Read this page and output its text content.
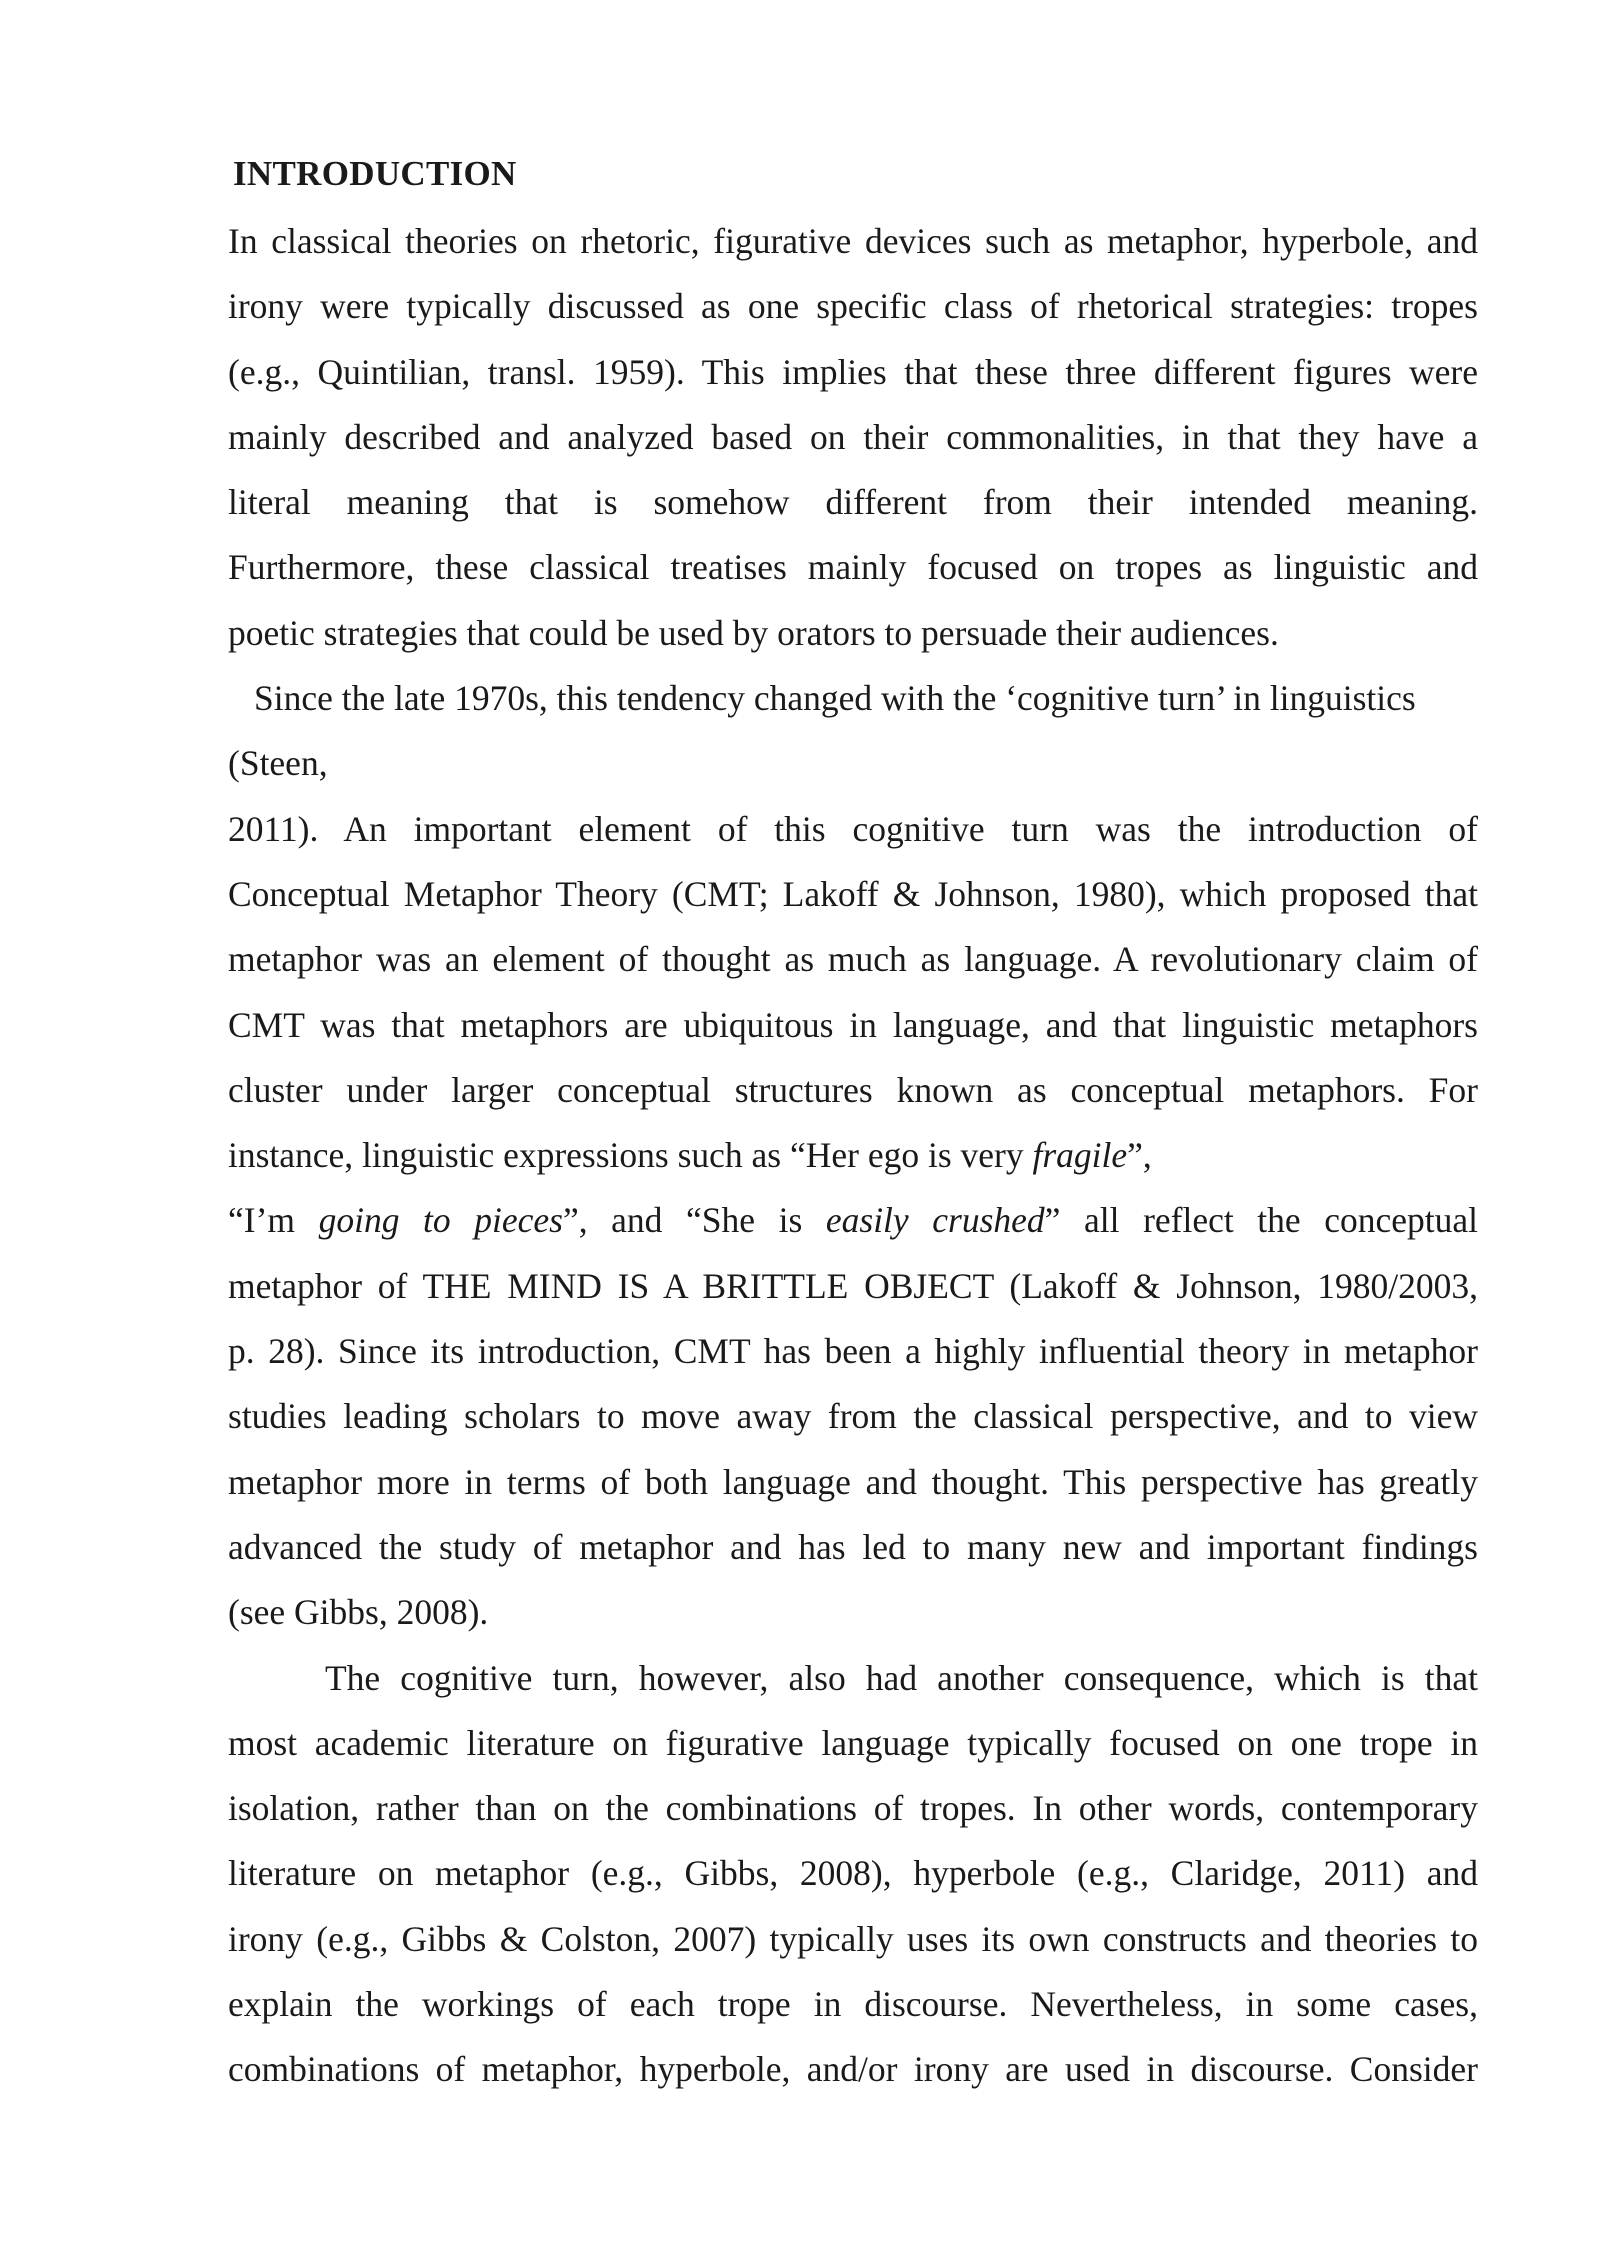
INTRODUCTION
In classical theories on rhetoric, figurative devices such as metaphor, hyperbole, and
irony were typically discussed as one specific class of rhetorical strategies: tropes
(e.g., Quintilian, transl. 1959). This implies that these three different figures were
mainly described and analyzed based on their commonalities, in that they have a
literal meaning that is somehow different from their intended meaning.
Furthermore, these classical treatises mainly focused on tropes as linguistic and
poetic strategies that could be used by orators to persuade their audiences.
Since the late 1970s, this tendency changed with the ‘cognitive turn’ in linguistics
(Steen,
2011). An important element of this cognitive turn was the introduction of
Conceptual Metaphor Theory (CMT; Lakoff & Johnson, 1980), which proposed that
metaphor was an element of thought as much as language. A revolutionary claim of
CMT was that metaphors are ubiquitous in language, and that linguistic metaphors
cluster under larger conceptual structures known as conceptual metaphors. For
instance, linguistic expressions such as “Her ego is very fragile”,
“I’m going to pieces”, and “She is easily crushed” all reflect the conceptual
metaphor of THE MIND IS A BRITTLE OBJECT (Lakoff & Johnson, 1980/2003,
p. 28). Since its introduction, CMT has been a highly influential theory in metaphor
studies leading scholars to move away from the classical perspective, and to view
metaphor more in terms of both language and thought. This perspective has greatly
advanced the study of metaphor and has led to many new and important findings
(see Gibbs, 2008).
The cognitive turn, however, also had another consequence, which is that
most academic literature on figurative language typically focused on one trope in
isolation, rather than on the combinations of tropes. In other words, contemporary
literature on metaphor (e.g., Gibbs, 2008), hyperbole (e.g., Claridge, 2011) and
irony (e.g., Gibbs & Colston, 2007) typically uses its own constructs and theories to
explain the workings of each trope in discourse. Nevertheless, in some cases,
combinations of metaphor, hyperbole, and/or irony are used in discourse. Consider
